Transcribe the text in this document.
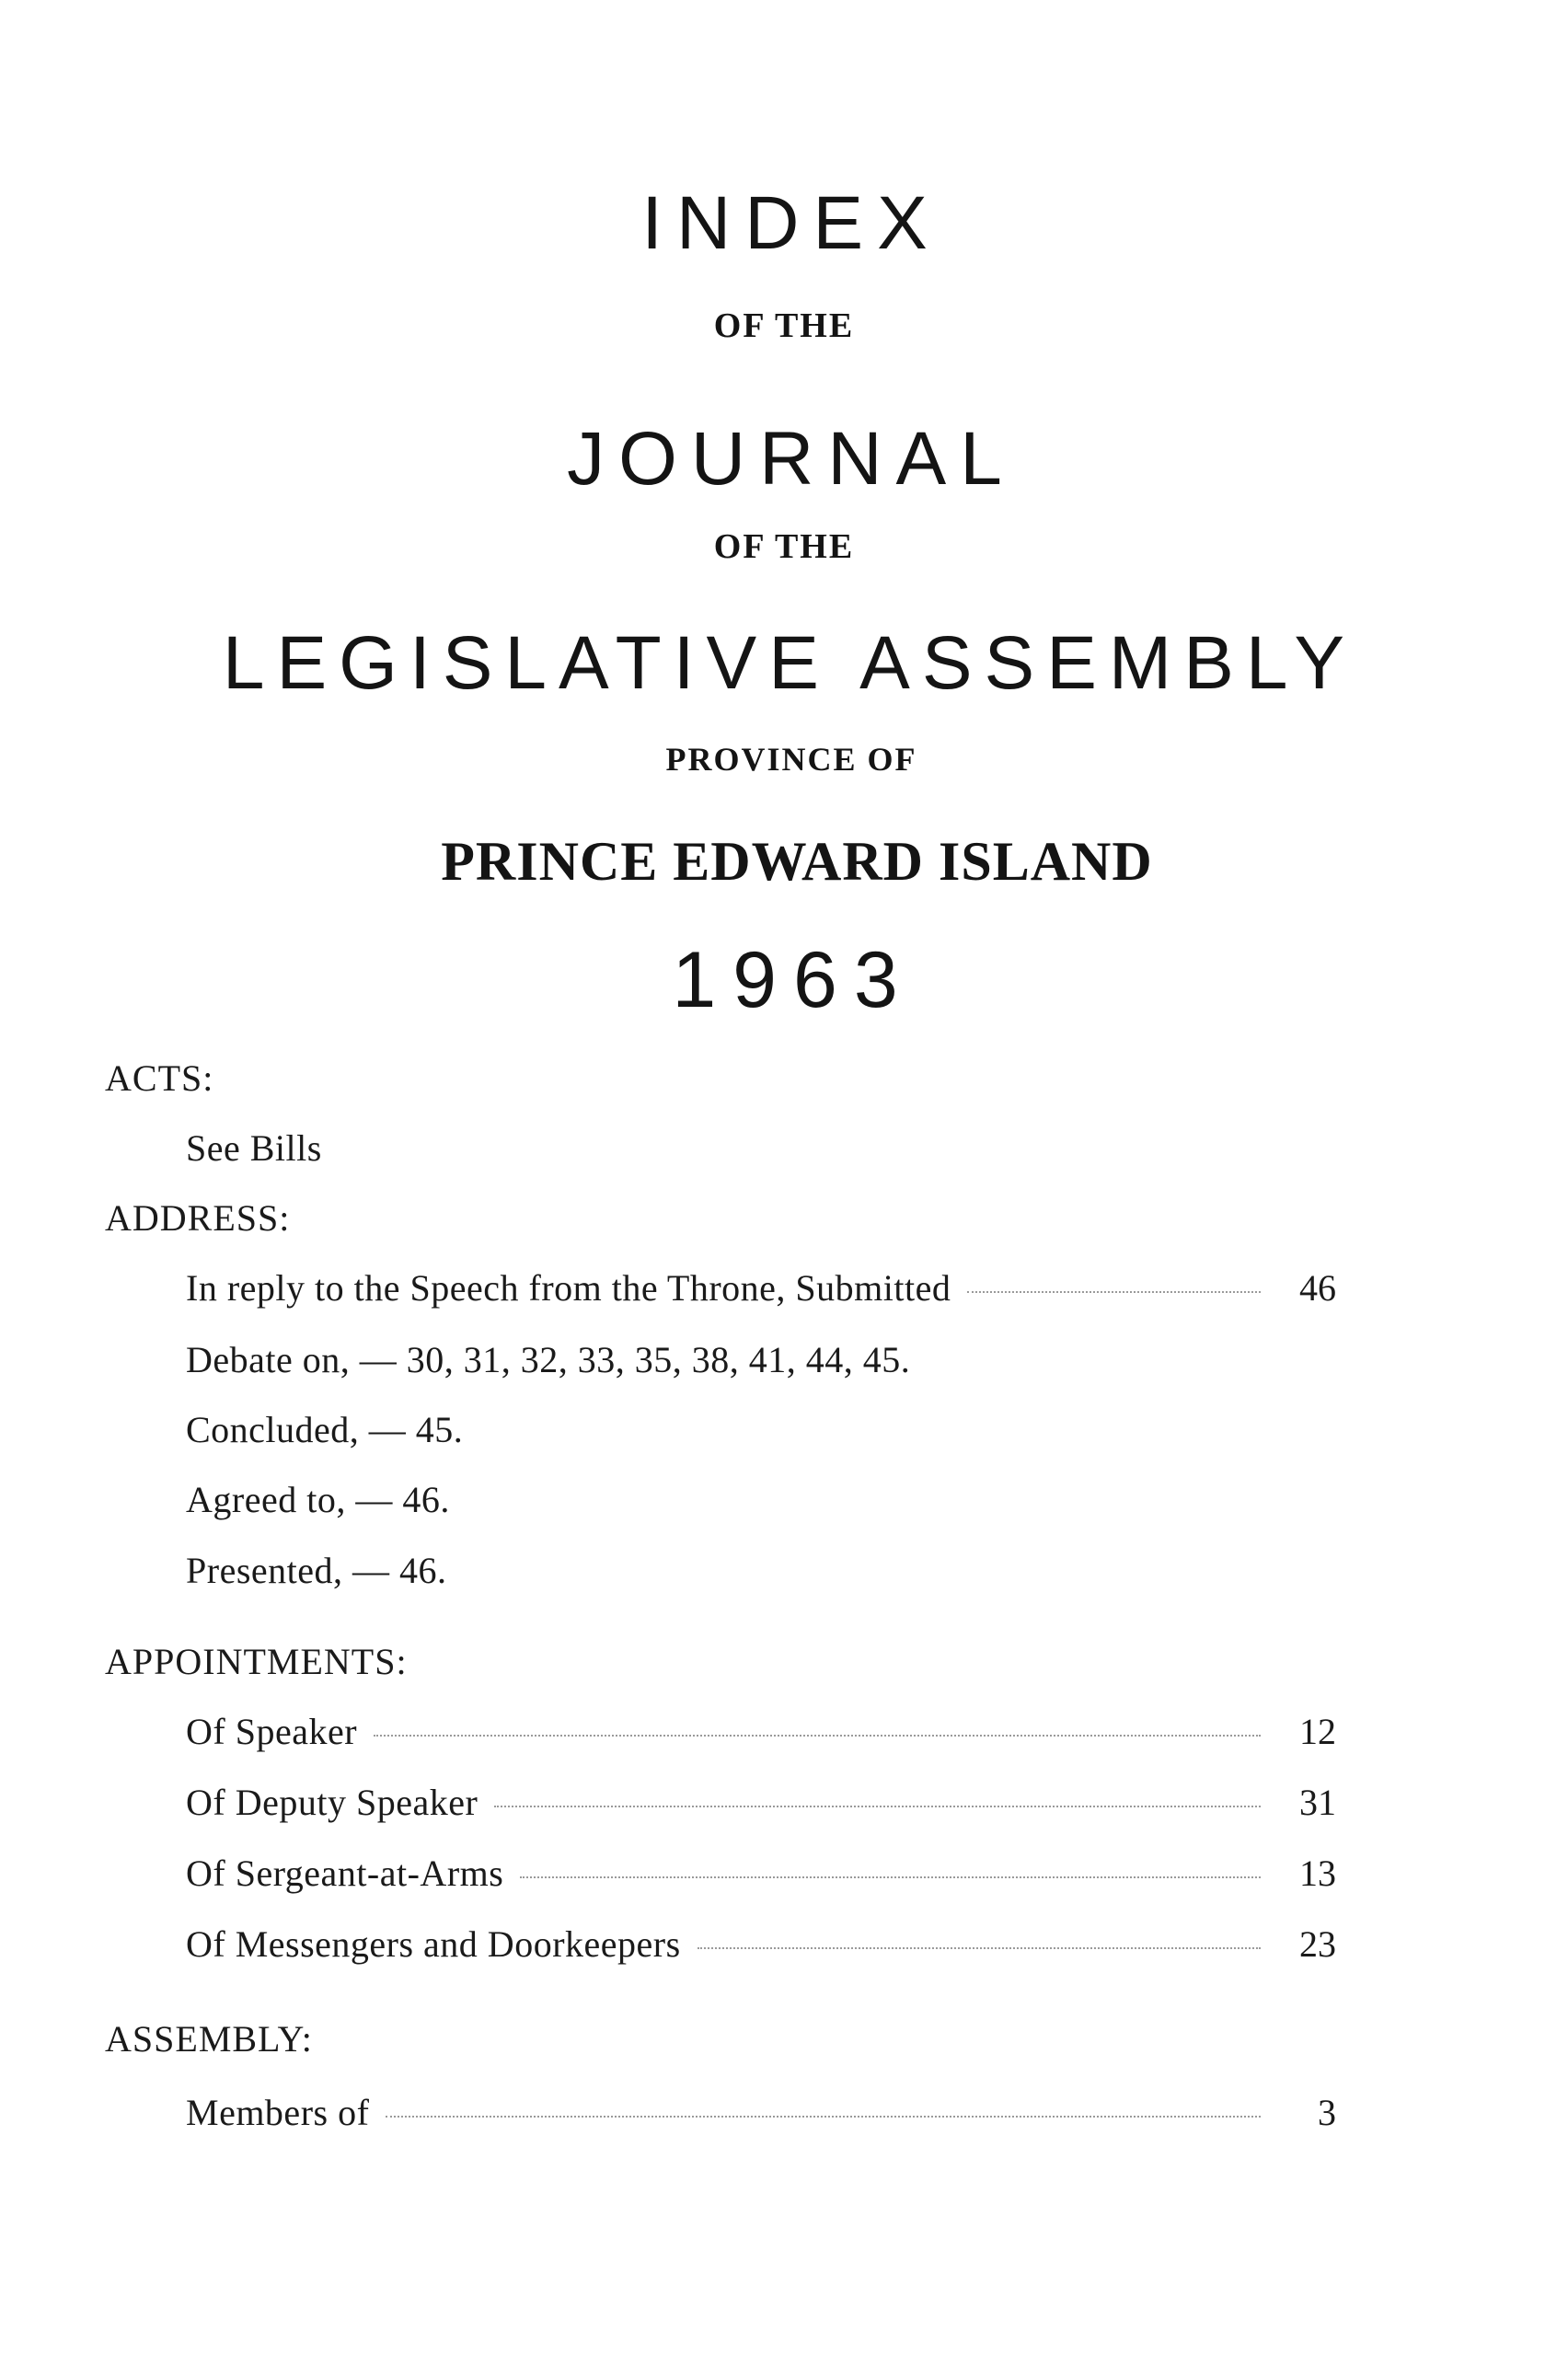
INDEX
OF THE
JOURNAL
OF THE
LEGISLATIVE ASSEMBLY
PROVINCE OF
PRINCE EDWARD ISLAND
1963
ACTS:
See Bills
ADDRESS:
In reply to the Speech from the Throne, Submitted	46
Debate on, — 30, 31, 32, 33, 35, 38, 41, 44, 45.
Concluded, — 45.
Agreed to, — 46.
Presented, — 46.
APPOINTMENTS:
Of Speaker	12
Of Deputy Speaker	31
Of Sergeant-at-Arms	13
Of Messengers and Doorkeepers	23
ASSEMBLY:
Members of	3
